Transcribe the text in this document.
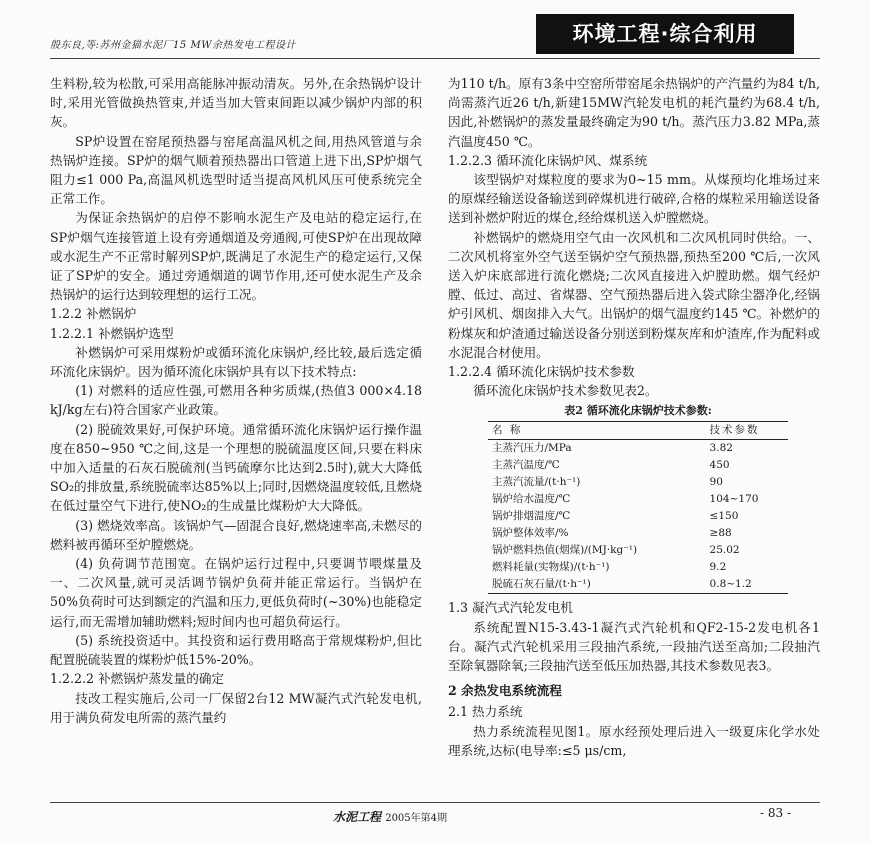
殷东良,等:苏州金猫水泥厂15 MW余热发电工程设计	环境工程·综合利用

生料粉,较为松散,可采用高能脉冲振动清灰。另外,在余热锅炉设计时,采用光管做换热管束,并适当加大管束间距以减少锅炉内部的积灰。

SP炉设置在窑尾预热器与窑尾高温风机之间,用热风管道与余热锅炉连接。SP炉的烟气顺着预热器出口管道上进下出,SP炉烟气阻力≤1 000 Pa,高温风机选型时适当提高风机风压可使系统完全正常工作。

为保证余热锅炉的启停不影响水泥生产及电站的稳定运行,在SP炉烟气连接管道上设有旁通烟道及旁通阀,可使SP炉在出现故障或水泥生产不正常时解列SP炉,既满足了水泥生产的稳定运行,又保证了SP炉的安全。通过旁通烟道的调节作用,还可使水泥生产及余热锅炉的运行达到较理想的运行工况。

1.2.2 补燃锅炉

1.2.2.1 补燃锅炉选型

补燃锅炉可采用煤粉炉或循环流化床锅炉,经比较,最后选定循环流化床锅炉。因为循环流化床锅炉具有以下技术特点:

(1) 对燃料的适应性强,可燃用各种劣质煤,(热值3 000×4.18 kJ/kg左右)符合国家产业政策。

(2) 脱硫效果好,可保护环境。通常循环流化床锅炉运行操作温度在850~950 ℃之间,这是一个理想的脱硫温度区间,只要在料床中加入适量的石灰石脱硫剂(当钙硫摩尔比达到2.5时),就大大降低SO₂的排放量,系统脱硫率达85%以上;同时,因燃烧温度较低,且燃烧在低过量空气下进行,使NO₂的生成量比煤粉炉大大降低。

(3) 燃烧效率高。该锅炉气—固混合良好,燃烧速率高,未燃尽的燃料被再循环至炉膛燃烧。

(4) 负荷调节范围宽。在锅炉运行过程中,只要调节喂煤量及一、二次风量,就可灵活调节锅炉负荷并能正常运行。当锅炉在50%负荷时可达到额定的汽温和压力,更低负荷时(~30%)也能稳定运行,而无需增加辅助燃料;短时间内也可超负荷运行。

(5) 系统投资适中。其投资和运行费用略高于常规煤粉炉,但比配置脱硫装置的煤粉炉低15%-20%。

1.2.2.2 补燃锅炉蒸发量的确定

技改工程实施后,公司一厂保留2台12 MW凝汽式汽轮发电机,用于满负荷发电所需的蒸汽量约

为110 t/h。原有3条中空窑所带窑尾余热锅炉的产汽量约为84 t/h,尚需蒸汽近26 t/h,新建15MW汽轮发电机的耗汽量约为68.4 t/h,因此,补燃锅炉的蒸发量最终确定为90 t/h。蒸汽压力3.82 MPa,蒸汽温度450 ℃。

1.2.2.3 循环流化床锅炉风、煤系统

该型锅炉对煤粒度的要求为0~15 mm。从煤预均化堆场过来的原煤经输送设备输送到碎煤机进行破碎,合格的煤粒采用输送设备送到补燃炉附近的煤仓,经给煤机送入炉膛燃烧。

补燃锅炉的燃烧用空气由一次风机和二次风机同时供给。一、二次风机将室外空气送至锅炉空气预热器,预热至200 ℃后,一次风送入炉床底部进行流化燃烧;二次风直接进入炉膛助燃。烟气经炉膛、低过、高过、省煤器、空气预热器后进入袋式除尘器净化,经锅炉引风机、烟囱排入大气。出锅炉的烟气温度约145 ℃。补燃炉的粉煤灰和炉渣通过输送设备分别送到粉煤灰库和炉渣库,作为配料或水泥混合材使用。

1.2.2.4 循环流化床锅炉技术参数

循环流化床锅炉技术参数见表2。

表2 循环流化床锅炉技术参数:
名 称	技术参数
主蒸汽压力/MPa	3.82
主蒸汽温度/℃	450
主蒸汽流量/(t·h⁻¹)	90
锅炉给水温度/℃	104~170
锅炉排烟温度/℃	≤150
锅炉整体效率/%	≥88
锅炉燃料热值(烟煤)/(MJ·kg⁻¹)	25.02
燃料耗量(实物煤)/(t·h⁻¹)	9.2
脱硫石灰石量/(t·h⁻¹)	0.8~1.2

1.3 凝汽式汽轮发电机

系统配置N15-3.43-1凝汽式汽轮机和QF2-15-2发电机各1台。凝汽式汽轮机采用三段抽汽系统,一段抽汽送至高加;二段抽汽至除氧器除氧;三段抽汽送至低压加热器,其技术参数见表3。

2 余热发电系统流程

2.1 热力系统

热力系统流程见图1。原水经预处理后进入一级夏床化学水处理系统,达标(电导率:≤5 μs/cm,

水泥工程 2005年第4期	- 83 -
